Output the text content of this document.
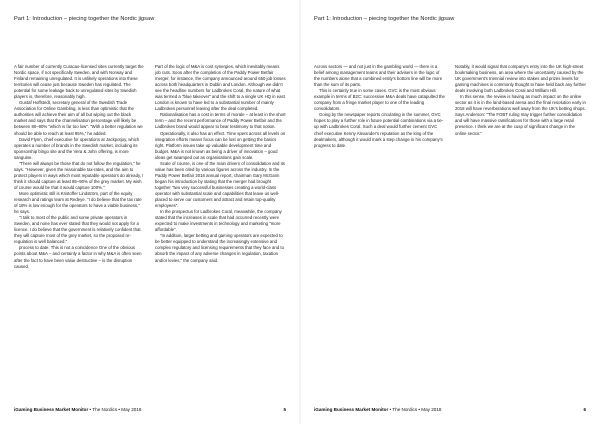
Part 1: Introduction – piecing together the Nordic jigsaw

A fair number of currently Curacao-licensed sites currently target the Nordic space, if not specifically Sweden, and with Norway and Finland remaining unregulated. It is unlikely operations into these territories will cease just because Sweden has regulated. The potential for some leakage back to unregulated sites by Swedish players is, therefore, reasonably high.

Gustaf Hoffstedt, secretary general of the Swedish Trade Association for Online Gambling, is less than optimistic that the authorities will achieve their aim of all but wiping out the black market and says that the channelisation percentage will likely be between 80–90% "which is far too low". "With a better regulation we should be able to reach at least 95%," he added.

David Flynn, chief executive for operations at Jackpotjoy, which operates a number of brands in the Swedish market, including its sponsorship bingo site and the Vera & John offering, is more sanguine.

"There will always be those that do not follow the regulation," he says. "However, given the reasonable tax-rates, and the aim to protect players in ways which most reputable operators do already, I think it should capture at least 85–90% of the grey market. My wish of course would be that it would capture 100%."

More optimistic still is Kristoffer Lindström, part of the equity research and ratings team at Redeye. "I do believe that the tax rate of 18% is low enough for the operators to have a viable business," he says.

"I talk to most of the public and some private operators in Sweden, and none has ever stated that they would not apply for a licence. I do believe that the government is relatively confident that they will capture most of the grey market, so the proposed re-regulation is well balanced."

process to date. This is not a coincidence One of the obvious points about M&A – and certainly a factor in why M&A is often seen after the fact to have been value destructive – is the disruption caused.

Part of the logic of M&A is cost synergies, which inevitably means job cuts. Soon after the completion of the Paddy Power Betfair merger, for instance, the company announced around 650 job losses across both headquarters in Dublin and London. Although we didn't see the headline numbers for Ladbrokes Coral, the nature of what was termed a "blue takeover" and the shift to a single UK HQ in east London is known to have led to a substantial number of mainly Ladbrokes personnel leaving after the deal completed.

Rationalisation has a cost in terms of morale – at least in the short term – and the recent performance of Paddy Power Betfair and the Ladbrokes brand would appear to bear testimony to that notion.

Operationally, it also has an effect. Time spent across all levels on integration efforts means focus can be lost on getting the basics right. Platform issues take up valuable development time and budget. M&A is not known as being a driver of innovation – good ideas get swamped out as organisations gain scale.

Scale of course, is one of the main drivers of consolidation and its value has been cited by various figures across the industry. In the Paddy Power Betfair 2016 annual report, chairman Gary McGann began his introduction by stating that the merger had brought together "two very successful businesses creating a world-class operator with substantial scale and capabilities that leave us well-placed to serve our customers and attract and retain top-quality employees".

In the prospectus for Ladbrokes Coral, meanwhile, the company stated that the increases in scale that had occurred recently were expected to make investments in technology and marketing "more affordable".

"In addition, larger betting and gaming operators are expected to be better equipped to understand the increasingly extensive and complex regulatory and licensing requirements that they face and to absorb the impact of any adverse changes in regulation, taxation and/or levies," the company said.

iGaming Business Market Monitor • The Nordics • May 2018	5
Part 1: Introduction – piecing together the Nordic jigsaw

Across sectors — and not just in the gambling world — there is a belief among management teams and their advisers in the logic of the numbers alone that a combined entity's bottom line will be more than the sum of its parts.

This is certainly true in some cases. GVC is the most obvious example in terms of B2C: successive M&A deals have catapulted the company from a fringe market player to one of the leading consolidators.

Going by the newspaper reports circulating in the summer, GVC hopes to play a further role in future potential combinations via a tie-up with Ladbrokes Coral. Such a deal would further cement GVC chief executive Kenny Alexander's reputation as the king of the dealmakers, although it would mark a step change in his company's progress to date.

Notably, it would signal that company's entry into the UK high-street bookmaking business, an area where the uncertainty caused by the UK government's triennial review into stakes and prizes levels for gaming machines is commonly thought to have held back any further deals involving both Ladbrokes Coral and William Hill.

In this sense, the review is having as much impact on the online sector as it is in the land-based arena and the final resolution early in 2018 will have reverberations well away from the UK's betting shops. Says Anderson: "The FOBT ruling may trigger further consolidation and will have massive ramifications for those with a large retail presence. I think we are at the cusp of significant change in the online sector."

iGaming Business Market Monitor • The Nordics • May 2018	6
